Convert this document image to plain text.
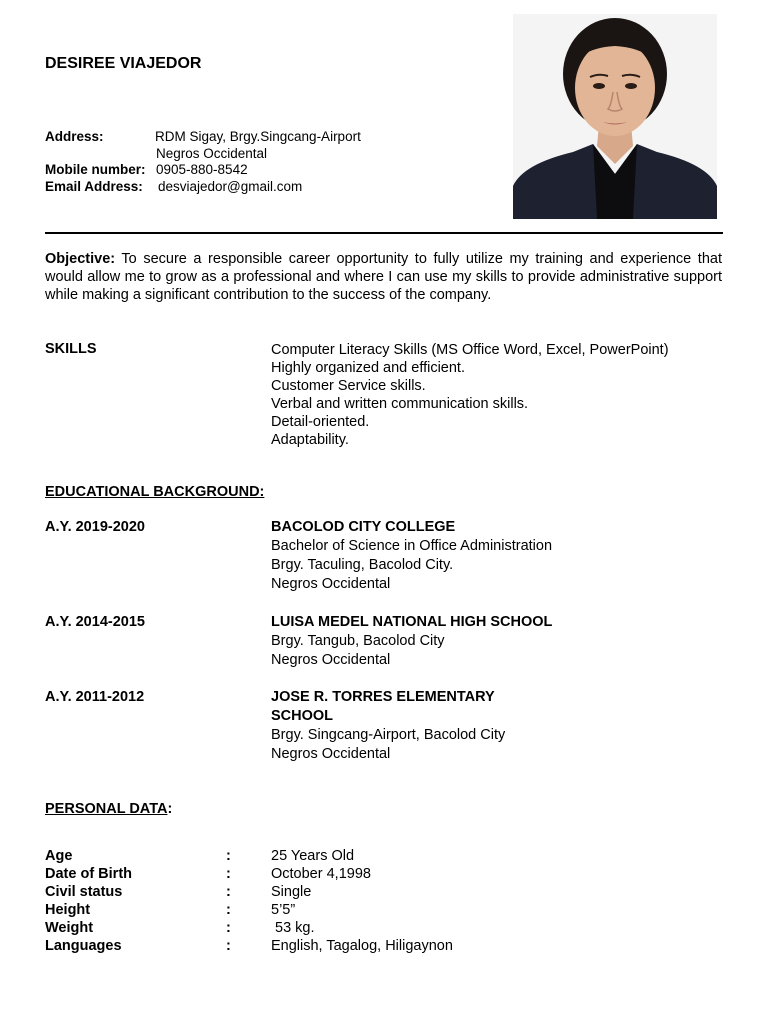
DESIREE VIAJEDOR
Address:	RDM Sigay, Brgy.Singcang-Airport
Negros Occidental
Mobile number: 0905-880-8542
Email Address: desviajedor@gmail.com
Objective: To secure a responsible career opportunity to fully utilize my training and experience that would allow me to grow as a professional and where I can use my skills to provide administrative support while making a significant contribution to the success of the company.
SKILLS	Computer Literacy Skills (MS Office Word, Excel, PowerPoint)
Highly organized and efficient.
Customer Service skills.
Verbal and written communication skills.
Detail-oriented.
Adaptability.
EDUCATIONAL BACKGROUND:
A.Y. 2019-2020	BACOLOD CITY COLLEGE
Bachelor of Science in Office Administration
Brgy. Taculing, Bacolod City.
Negros Occidental
A.Y. 2014-2015	LUISA MEDEL NATIONAL HIGH SCHOOL
Brgy. Tangub, Bacolod City
Negros Occidental
A.Y. 2011-2012	JOSE R. TORRES ELEMENTARY
SCHOOL
Brgy. Singcang-Airport, Bacolod City
Negros Occidental
PERSONAL DATA:
Age	:	25 Years Old
Date of Birth	:	October 4,1998
Civil status	:	Single
Height	:	5’5”
Weight	:	53 kg.
Languages	:	English, Tagalog, Hiligaynon
